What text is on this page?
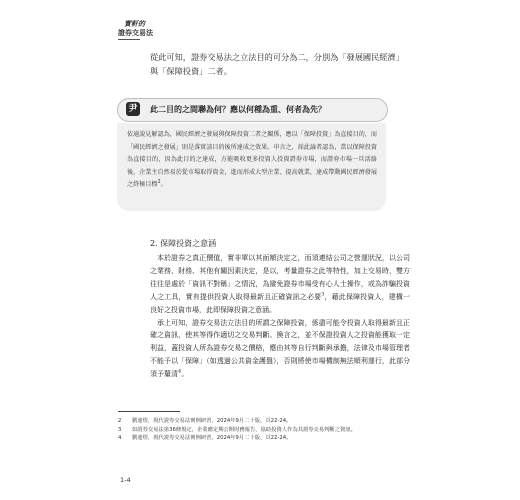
實軒的
證券交易法
從此可知，證券交易法之立法目的可分為二，分別為「發展國民經濟」與「保障投資」二者。
尹	此二目的之間聯為何？應以何種為重、何者為先？
依通說見解認為，國民經濟之發展與保障投資二者之關係，應以「保障投資」為直接目的，而「國民經濟之發展」則是落實該目的後所達成之效果。申言之，採此論者認為，當以保障投資為直接目的，因為此目的之達成，方能吸收更多投資人投資證券市場，而證券市場一旦活絡後，企業主自然易於從市場取得資金，進而形成大型企業、提高就業，達成帶動國民經濟發展之終極目標$^2$。
2. 保障投資之意涵

本於證券之真正價值，實非單以其面額決定之，而須連結公司之營運狀況，以公司之業務、財務、其他有關因素決定，是以，考量證券之此等特性，加上交易時，雙方往往是處於「資訊不對稱」之情況，為避免證券市場受有心人士操作，或為詐騙投資人之工具，實有提供投資人取得最新且正確資訊之必要$^3$，藉此保障投資人，建構一良好之投資市場，此即保障投資之意涵。

承上可知，證券交易法立法目的所謂之保障投資，係盡可能令投資人取得最新且正確之資訊，使其等得作適切之交易判斷。換言之，並不保證投資人之投資能獲取一定利益，蓋投資人所為證券交易之價格，應由其等自行判斷與承擔，法律及市場管理者不能予以「保障」（如透過公共資金護盤），否則將使市場機制無法順利運行，此部分須予釐清$^4$。

2	劉連煜，現代證券交易法實例研習，2024年9月二十版，頁22-24。
3	如證券交易法第36條規定，企業應定期公開財務報告，協助投資人作為其證券交易判斷之資訊。
4	劉連煜，現代證券交易法實例研習，2024年9月二十版，頁22-24。
1-4
